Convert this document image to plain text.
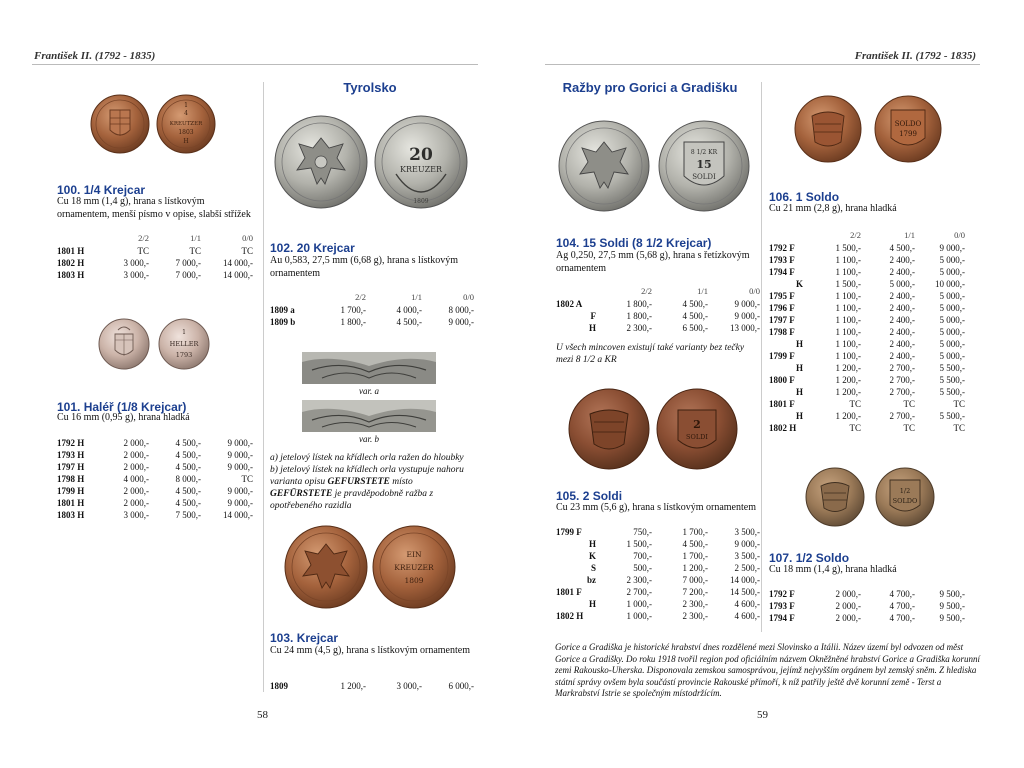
František II. (1792 - 1835)	František II. (1792 - 1835)
1
4
KREUTZER
1803
H
100. 1/4 Krejcar
Cu 18 mm (1,4 g), hrana s lístkovým ornamentem, menší písmo v opise, slabší střížek
	2/2	1/1	0/0
1801 H	TC	TC	TC
1802 H	3 000,-	7 000,-	14 000,-
1803 H	3 000,-	7 000,-	14 000,-
1
HELLER
1793
101. Haléř (1/8 Krejcar)
Cu 16 mm (0,95 g), hrana hladká
1792 H	2 000,-	4 500,-	9 000,-
1793 H	2 000,-	4 500,-	9 000,-
1797 H	2 000,-	4 500,-	9 000,-
1798 H	4 000,-	8 000,-	TC
1799 H	2 000,-	4 500,-	9 000,-
1801 H	2 000,-	4 500,-	9 000,-
1803 H	3 000,-	7 500,-	14 000,-
Tyrolsko
20
KREUZER
1809
102. 20 Krejcar
Au 0,583, 27,5 mm (6,68 g), hrana s lístkovým ornamentem
	2/2	1/1	0/0
1809 a	1 700,-	4 000,-	8 000,-
1809 b	1 800,-	4 500,-	9 000,-
var. a
var. b
a) jetelový lístek na křídlech orla ražen do hloubky
b) jetelový lístek na křídlech orla vystupuje nahoru varianta opisu GEFURSTETE místo GEFÜRSTETE je pravděpodobně ražba z opotřebeného razidla
EIN
KREUZER
1809
103. Krejcar
Cu 24 mm (4,5 g), hrana s lístkovým ornamentem
1809	1 200,-	3 000,-	6 000,-
58
Ražby pro Gorici a Gradišku
8 1/2 KR
15
SOLDI
104. 15 Soldi (8 1/2 Krejcar)
Ag 0,250, 27,5 mm (5,68 g), hrana s řetízkovým ornamentem
	2/2	1/1	0/0
1802 A	1 800,-	4 500,-	9 000,-
F	1 800,-	4 500,-	9 000,-
H	2 300,-	6 500,-	13 000,-
U všech mincoven existují také varianty bez tečky mezi 8 1/2 a KR
2
SOLDI
105. 2 Soldi
Cu 23 mm (5,6 g), hrana s lístkovým ornamentem
1799 F	750,-	1 700,-	3 500,-
H	1 500,-	4 500,-	9 000,-
K	700,-	1 700,-	3 500,-
S	500,-	1 200,-	2 500,-
bz	2 300,-	7 000,-	14 000,-
1801 F	2 700,-	7 200,-	14 500,-
H	1 000,-	2 300,-	4 600,-
1802 H	1 000,-	2 300,-	4 600,-
SOLDO
1799
106. 1 Soldo
Cu 21 mm (2,8 g), hrana hladká
	2/2	1/1	0/0
1792 F	1 500,-	4 500,-	9 000,-
1793 F	1 100,-	2 400,-	5 000,-
1794 F	1 100,-	2 400,-	5 000,-
K	1 500,-	5 000,-	10 000,-
1795 F	1 100,-	2 400,-	5 000,-
1796 F	1 100,-	2 400,-	5 000,-
1797 F	1 100,-	2 400,-	5 000,-
1798 F	1 100,-	2 400,-	5 000,-
H	1 100,-	2 400,-	5 000,-
1799 F	1 100,-	2 400,-	5 000,-
H	1 200,-	2 700,-	5 500,-
1800 F	1 200,-	2 700,-	5 500,-
H	1 200,-	2 700,-	5 500,-
1801 F	TC	TC	TC
H	1 200,-	2 700,-	5 500,-
1802 H	TC	TC	TC
1/2
SOLDO
107. 1/2 Soldo
Cu 18 mm (1,4 g), hrana hladká
1792 F	2 000,-	4 700,-	9 500,-
1793 F	2 000,-	4 700,-	9 500,-
1794 F	2 000,-	4 700,-	9 500,-
Gorice a Gradiška je historické hrabství dnes rozdělené mezi Slovinsko a Itálii. Název území byl odvozen od měst Gorice a Gradišky. Do roku 1918 tvořil region pod oficiálním názvem Okněžněné hrabství Gorice a Gradiška korunní zemi Rakousko-Uherska. Disponovala zemskou samosprávou, jejímž nejvyšším orgánem byl zemský sněm. Z hlediska státní správy ovšem byla součástí provincie Rakouské přímoří, k níž patřily ještě dvě korunní země - Terst a Markrabství Istrie se společným místodržícím.
59
